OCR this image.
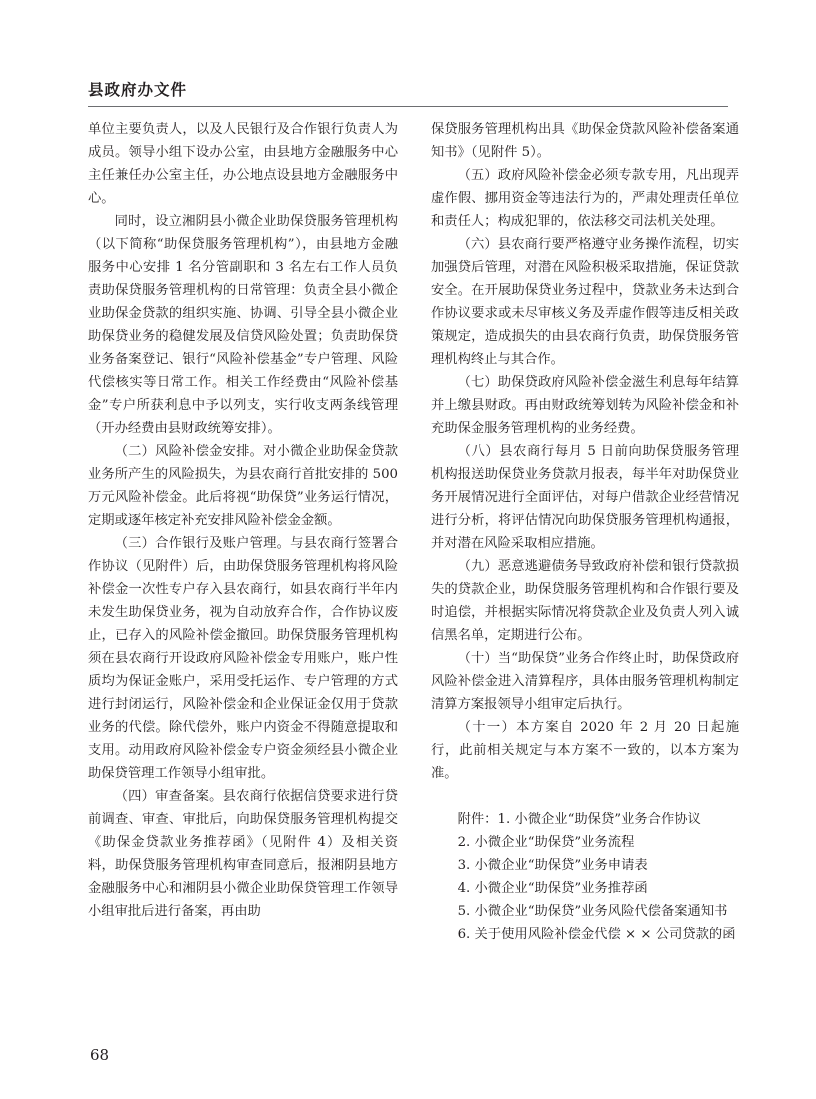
县政府办文件

单位主要负责人，以及人民银行及合作银行负责人为成员。领导小组下设办公室，由县地方金融服务中心主任兼任办公室主任，办公地点设县地方金融服务中心。

同时，设立湘阴县小微企业助保贷服务管理机构（以下简称“助保贷服务管理机构”），由县地方金融服务中心安排 1 名分管副职和 3 名左右工作人员负责助保贷服务管理机构的日常管理：负责全县小微企业助保金贷款的组织实施、协调、引导全县小微企业助保贷业务的稳健发展及信贷风险处置；负责助保贷业务备案登记、银行“风险补偿基金”专户管理、风险代偿核实等日常工作。相关工作经费由“风险补偿基金”专户所获利息中予以列支，实行收支两条线管理（开办经费由县财政统筹安排）。

（二）风险补偿金安排。对小微企业助保金贷款业务所产生的风险损失，为县农商行首批安排的 500 万元风险补偿金。此后将视“助保贷”业务运行情况，定期或逐年核定补充安排风险补偿金金额。

（三）合作银行及账户管理。与县农商行签署合作协议（见附件）后，由助保贷服务管理机构将风险补偿金一次性专户存入县农商行，如县农商行半年内未发生助保贷业务，视为自动放弃合作，合作协议废止，已存入的风险补偿金撤回。助保贷服务管理机构须在县农商行开设政府风险补偿金专用账户，账户性质均为保证金账户，采用受托运作、专户管理的方式进行封闭运行，风险补偿金和企业保证金仅用于贷款业务的代偿。除代偿外，账户内资金不得随意提取和支用。动用政府风险补偿金专户资金须经县小微企业助保贷管理工作领导小组审批。

（四）审查备案。县农商行依据信贷要求进行贷前调查、审查、审批后，向助保贷服务管理机构提交《助保金贷款业务推荐函》（见附件 4）及相关资料，助保贷服务管理机构审查同意后，报湘阴县地方金融服务中心和湘阴县小微企业助保贷管理工作领导小组审批后进行备案，再由助

保贷服务管理机构出具《助保金贷款风险补偿备案通知书》（见附件 5）。

（五）政府风险补偿金必须专款专用，凡出现弄虚作假、挪用资金等违法行为的，严肃处理责任单位和责任人；构成犯罪的，依法移交司法机关处理。

（六）县农商行要严格遵守业务操作流程，切实加强贷后管理，对潜在风险积极采取措施，保证贷款安全。在开展助保贷业务过程中，贷款业务未达到合作协议要求或未尽审核义务及弄虚作假等违反相关政策规定，造成损失的由县农商行负责，助保贷服务管理机构终止与其合作。

（七）助保贷政府风险补偿金滋生利息每年结算并上缴县财政。再由财政统筹划转为风险补偿金和补充助保金服务管理机构的业务经费。

（八）县农商行每月 5 日前向助保贷服务管理机构报送助保贷业务贷款月报表，每半年对助保贷业务开展情况进行全面评估，对每户借款企业经营情况进行分析，将评估情况向助保贷服务管理机构通报，并对潜在风险采取相应措施。

（九）恶意逃避债务导致政府补偿和银行贷款损失的贷款企业，助保贷服务管理机构和合作银行要及时追偿，并根据实际情况将贷款企业及负责人列入诚信黑名单，定期进行公布。

（十）当“助保贷”业务合作终止时，助保贷政府风险补偿金进入清算程序，具体由服务管理机构制定清算方案报领导小组审定后执行。

（十一）本方案自 2020 年 2 月 20 日起施行，此前相关规定与本方案不一致的，以本方案为准。

附件：1. 小微企业“助保贷”业务合作协议

2. 小微企业“助保贷”业务流程

3. 小微企业“助保贷”业务申请表

4. 小微企业“助保贷”业务推荐函

5. 小微企业“助保贷”业务风险代偿备案通知书

6. 关于使用风险补偿金代偿 × × 公司贷款的函

68
